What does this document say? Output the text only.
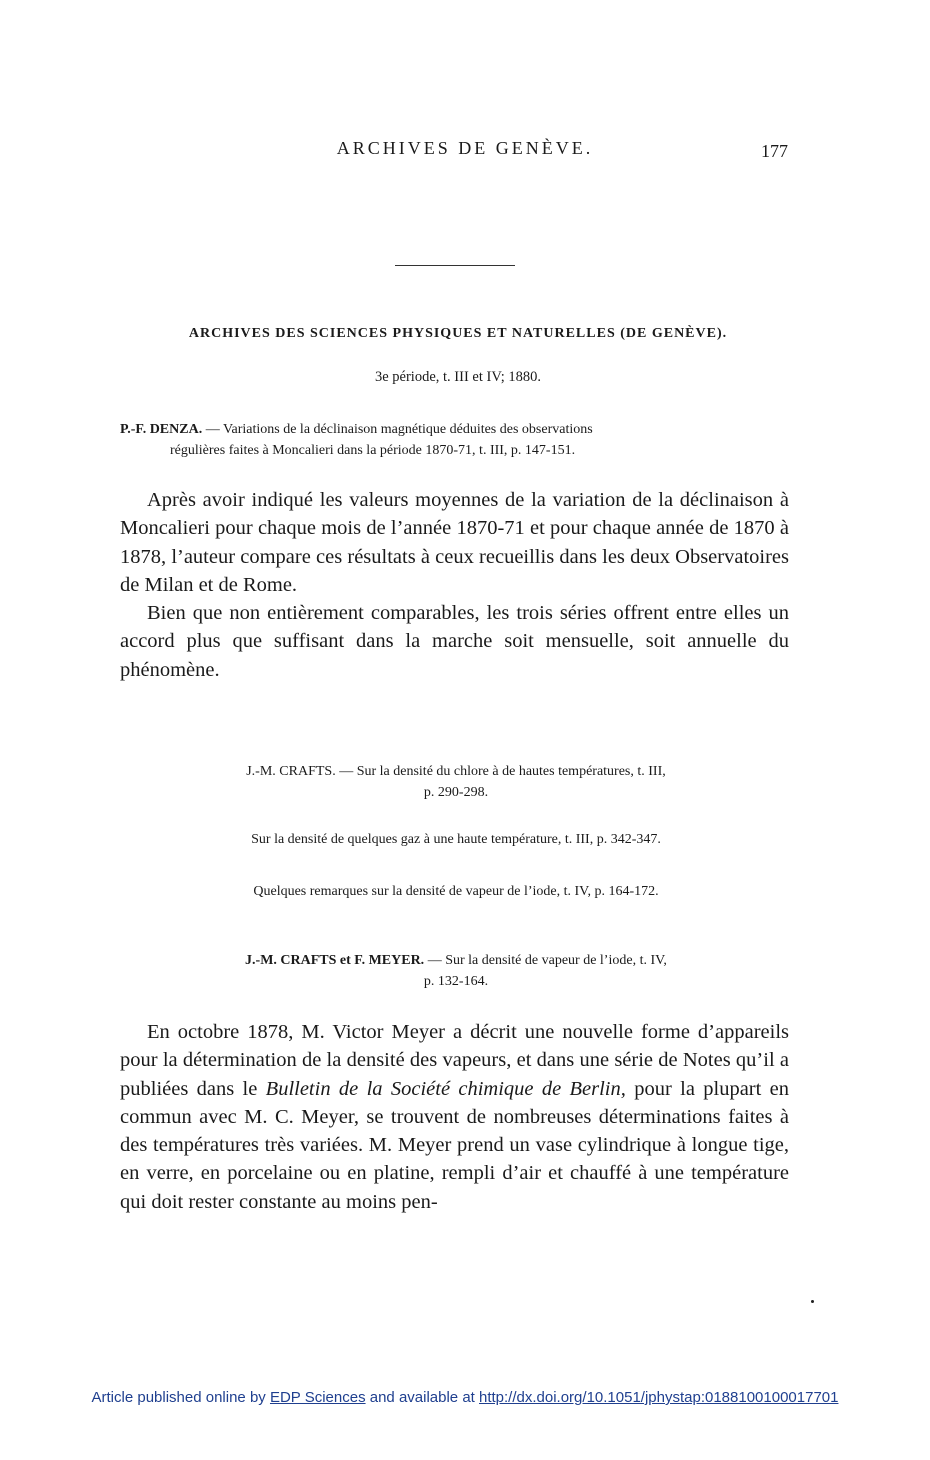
ARCHIVES DE GENÈVE.	177
ARCHIVES DES SCIENCES PHYSIQUES ET NATURELLES (DE GENÈVE).
3e période, t. III et IV; 1880.
P.-F. DENZA. — Variations de la déclinaison magnétique déduites des observations
régulières faites à Moncalieri dans la période 1870-71, t. III, p. 147-151.

Après avoir indiqué les valeurs moyennes de la variation de la déclinaison à Moncalieri pour chaque mois de l’année 1870-71 et pour chaque année de 1870 à 1878, l’auteur compare ces résultats à ceux recueillis dans les deux Observatoires de Milan et de Rome.

Bien que non entièrement comparables, les trois séries offrent entre elles un accord plus que suffisant dans la marche soit mensuelle, soit annuelle du phénomène.

J.-M. CRAFTS. — Sur la densité du chlore à de hautes températures, t. III,
p. 290-298.
Sur la densité de quelques gaz à une haute température, t. III, p. 342-347.
Quelques remarques sur la densité de vapeur de l’iode, t. IV, p. 164-172.
J.-M. CRAFTS et F. MEYER. — Sur la densité de vapeur de l’iode, t. IV,
p. 132-164.

En octobre 1878, M. Victor Meyer a décrit une nouvelle forme d’appareils pour la détermination de la densité des vapeurs, et dans une série de Notes qu’il a publiées dans le Bulletin de la Société chimique de Berlin, pour la plupart en commun avec M. C. Meyer, se trouvent de nombreuses déterminations faites à des températures très variées. M. Meyer prend un vase cylindrique à longue tige, en verre, en porcelaine ou en platine, rempli d’air et chauffé à une température qui doit rester constante au moins pen-

Article published online by EDP Sciences and available at http://dx.doi.org/10.1051/jphystap:0188100100017701
